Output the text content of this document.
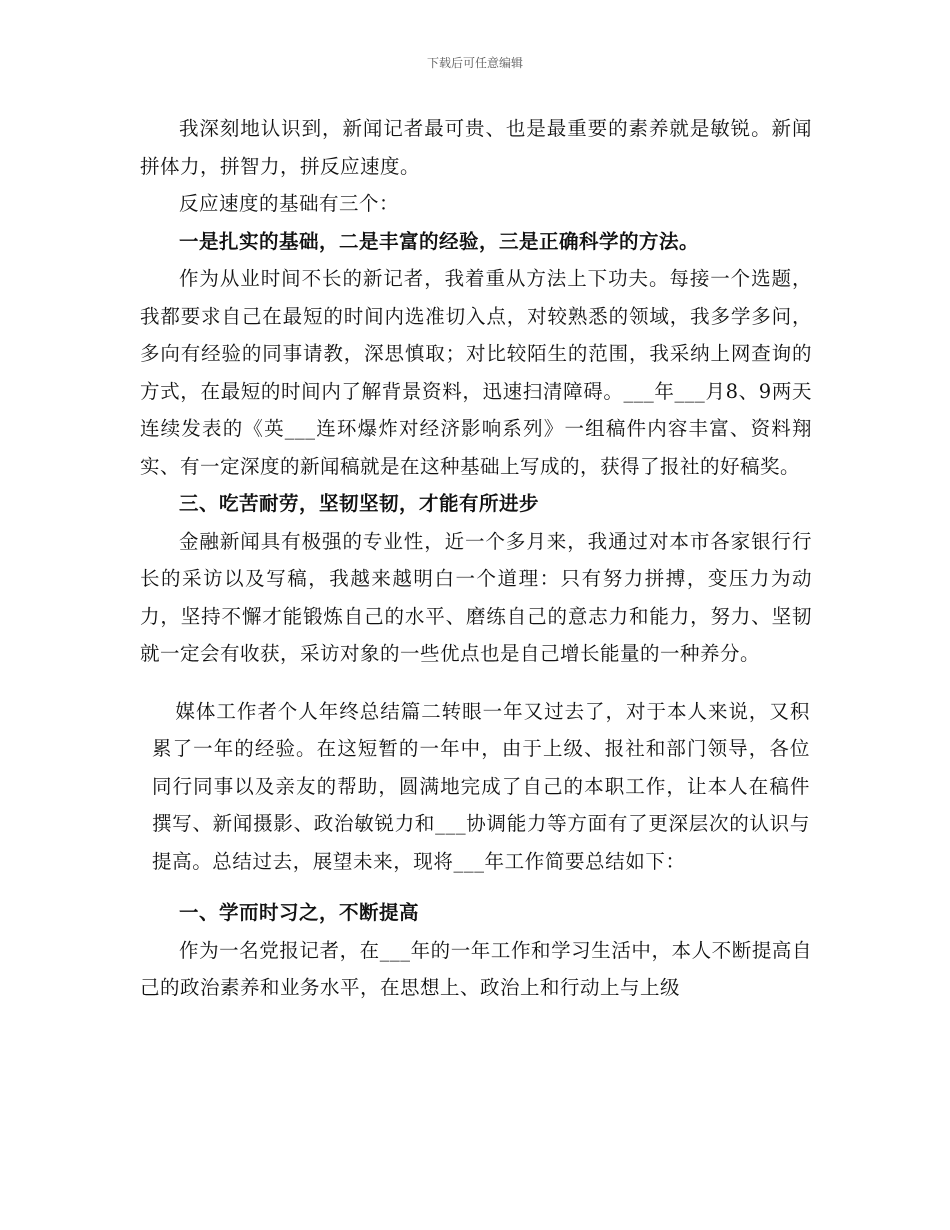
下载后可任意编辑

我深刻地认识到，新闻记者最可贵、也是最重要的素养就是敏锐。新闻拼体力，拼智力，拼反应速度。

反应速度的基础有三个：

一是扎实的基础，二是丰富的经验，三是正确科学的方法。

作为从业时间不长的新记者，我着重从方法上下功夫。每接一个选题，我都要求自己在最短的时间内选准切入点，对较熟悉的领域，我多学多问，多向有经验的同事请教，深思慎取；对比较陌生的范围，我采纳上网查询的方式，在最短的时间内了解背景资料，迅速扫清障碍。___年___月8、9两天连续发表的《英___连环爆炸对经济影响系列》一组稿件内容丰富、资料翔实、有一定深度的新闻稿就是在这种基础上写成的，获得了报社的好稿奖。

三、吃苦耐劳，坚韧坚韧，才能有所进步

金融新闻具有极强的专业性，近一个多月来，我通过对本市各家银行行长的采访以及写稿，我越来越明白一个道理：只有努力拼搏，变压力为动力，坚持不懈才能锻炼自己的水平、磨练自己的意志力和能力，努力、坚韧就一定会有收获，采访对象的一些优点也是自己增长能量的一种养分。

媒体工作者个人年终总结篇二转眼一年又过去了，对于本人来说，又积累了一年的经验。在这短暂的一年中，由于上级、报社和部门领导，各位同行同事以及亲友的帮助，圆满地完成了自己的本职工作，让本人在稿件撰写、新闻摄影、政治敏锐力和___协调能力等方面有了更深层次的认识与提高。总结过去，展望未来，现将___年工作简要总结如下：

一、学而时习之，不断提高

作为一名党报记者，在___年的一年工作和学习生活中，本人不断提高自己的政治素养和业务水平，在思想上、政治上和行动上与上级
